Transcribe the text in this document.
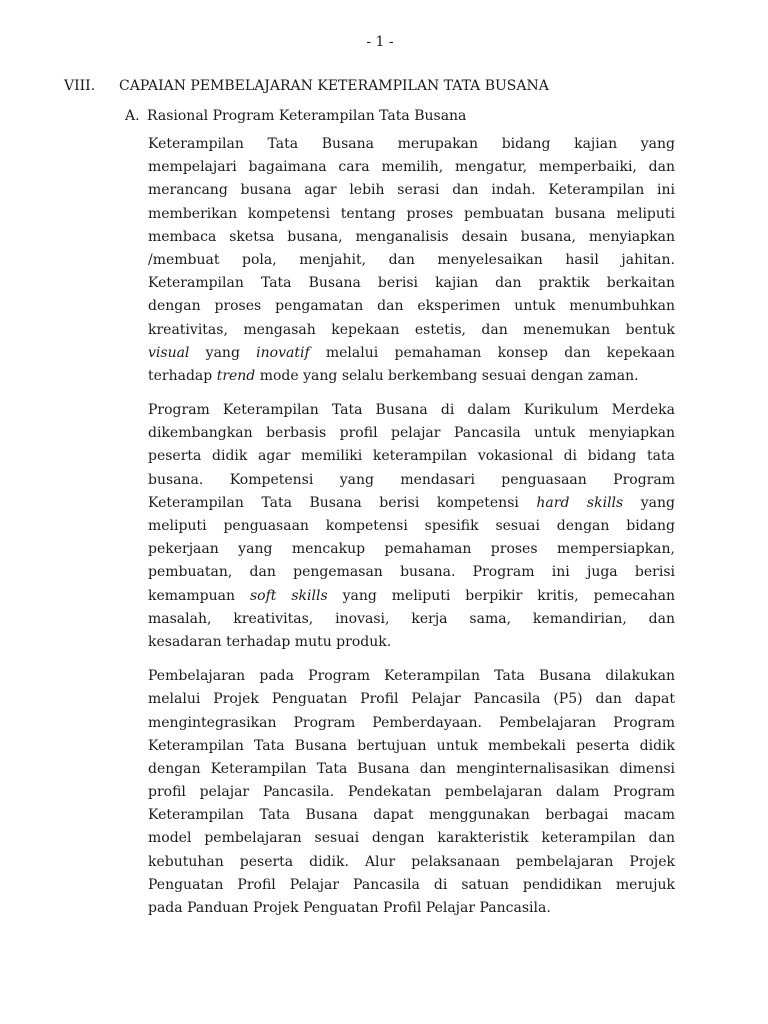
- 1 -
VIII. CAPAIAN PEMBELAJARAN KETERAMPILAN TATA BUSANA
A. Rasional Program Keterampilan Tata Busana
Keterampilan Tata Busana merupakan bidang kajian yang
mempelajari bagaimana cara memilih, mengatur, memperbaiki, dan
merancang busana agar lebih serasi dan indah. Keterampilan ini
memberikan kompetensi tentang proses pembuatan busana meliputi
membaca sketsa busana, menganalisis desain busana, menyiapkan
/membuat pola, menjahit, dan menyelesaikan hasil jahitan.
Keterampilan Tata Busana berisi kajian dan praktik berkaitan
dengan proses pengamatan dan eksperimen untuk menumbuhkan
kreativitas, mengasah kepekaan estetis, dan menemukan bentuk
visual yang inovatif melalui pemahaman konsep dan kepekaan
terhadap trend mode yang selalu berkembang sesuai dengan zaman.
Program Keterampilan Tata Busana di dalam Kurikulum Merdeka
dikembangkan berbasis profil pelajar Pancasila untuk menyiapkan
peserta didik agar memiliki keterampilan vokasional di bidang tata
busana. Kompetensi yang mendasari penguasaan Program
Keterampilan Tata Busana berisi kompetensi hard skills yang
meliputi penguasaan kompetensi spesifik sesuai dengan bidang
pekerjaan yang mencakup pemahaman proses mempersiapkan,
pembuatan, dan pengemasan busana. Program ini juga berisi
kemampuan soft skills yang meliputi berpikir kritis, pemecahan
masalah, kreativitas, inovasi, kerja sama, kemandirian, dan
kesadaran terhadap mutu produk.
Pembelajaran pada Program Keterampilan Tata Busana dilakukan
melalui Projek Penguatan Profil Pelajar Pancasila (P5) dan dapat
mengintegrasikan Program Pemberdayaan. Pembelajaran Program
Keterampilan Tata Busana bertujuan untuk membekali peserta didik
dengan Keterampilan Tata Busana dan menginternalisasikan dimensi
profil pelajar Pancasila. Pendekatan pembelajaran dalam Program
Keterampilan Tata Busana dapat menggunakan berbagai macam
model pembelajaran sesuai dengan karakteristik keterampilan dan
kebutuhan peserta didik. Alur pelaksanaan pembelajaran Projek
Penguatan Profil Pelajar Pancasila di satuan pendidikan merujuk
pada Panduan Projek Penguatan Profil Pelajar Pancasila.
